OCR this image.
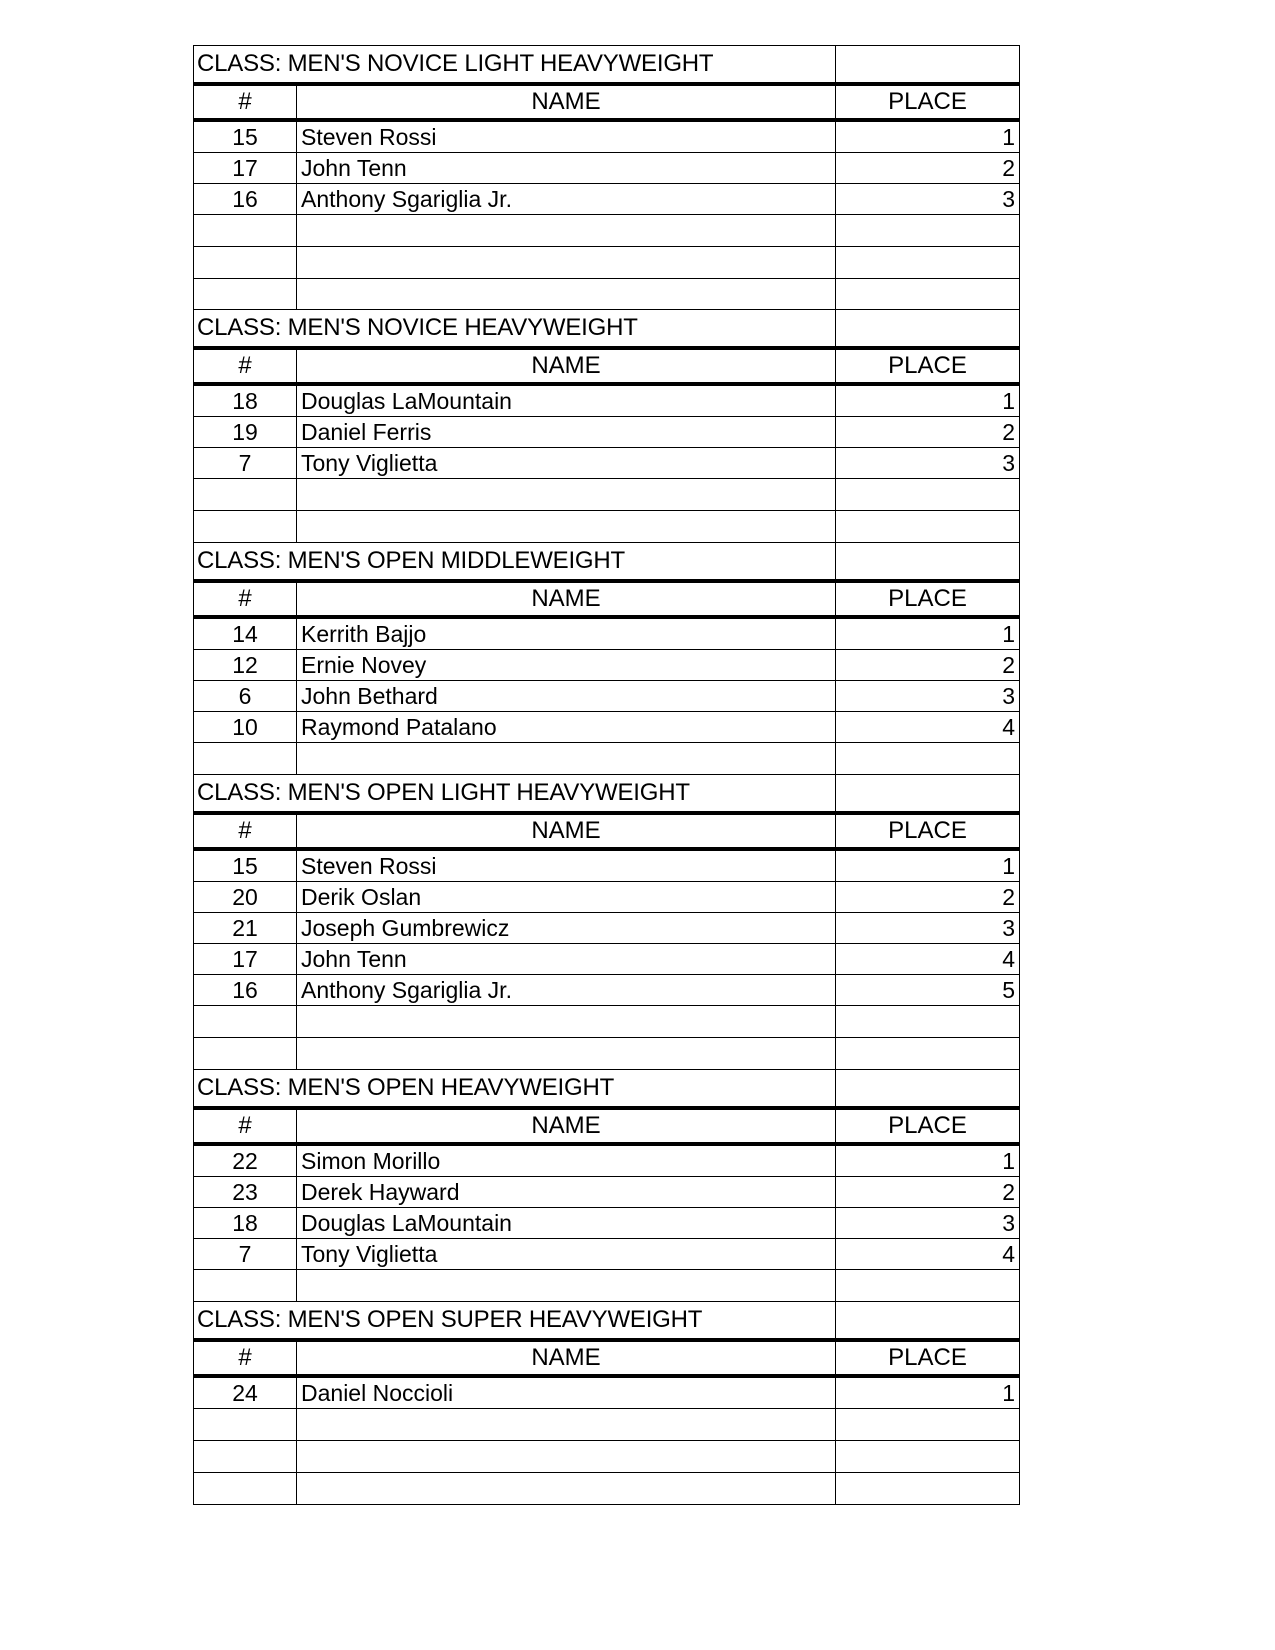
CLASS: MEN'S NOVICE LIGHT HEAVYWEIGHT		
#	NAME	PLACE
15	Steven Rossi	1
17	John Tenn	2
16	Anthony Sgariglia Jr.	3

CLASS: MEN'S NOVICE HEAVYWEIGHT		
#	NAME	PLACE
18	Douglas LaMountain	1
19	Daniel Ferris	2
7	Tony Viglietta	3

CLASS: MEN'S OPEN MIDDLEWEIGHT		
#	NAME	PLACE
14	Kerrith Bajjo	1
12	Ernie Novey	2
6	John Bethard	3
10	Raymond Patalano	4

CLASS: MEN'S OPEN LIGHT HEAVYWEIGHT		
#	NAME	PLACE
15	Steven Rossi	1
20	Derik Oslan	2
21	Joseph Gumbrewicz	3
17	John Tenn	4
16	Anthony Sgariglia Jr.	5

CLASS: MEN'S OPEN HEAVYWEIGHT		
#	NAME	PLACE
22	Simon Morillo	1
23	Derek Hayward	2
18	Douglas LaMountain	3
7	Tony Viglietta	4

CLASS: MEN'S OPEN SUPER HEAVYWEIGHT		
#	NAME	PLACE
24	Daniel Noccioli	1
